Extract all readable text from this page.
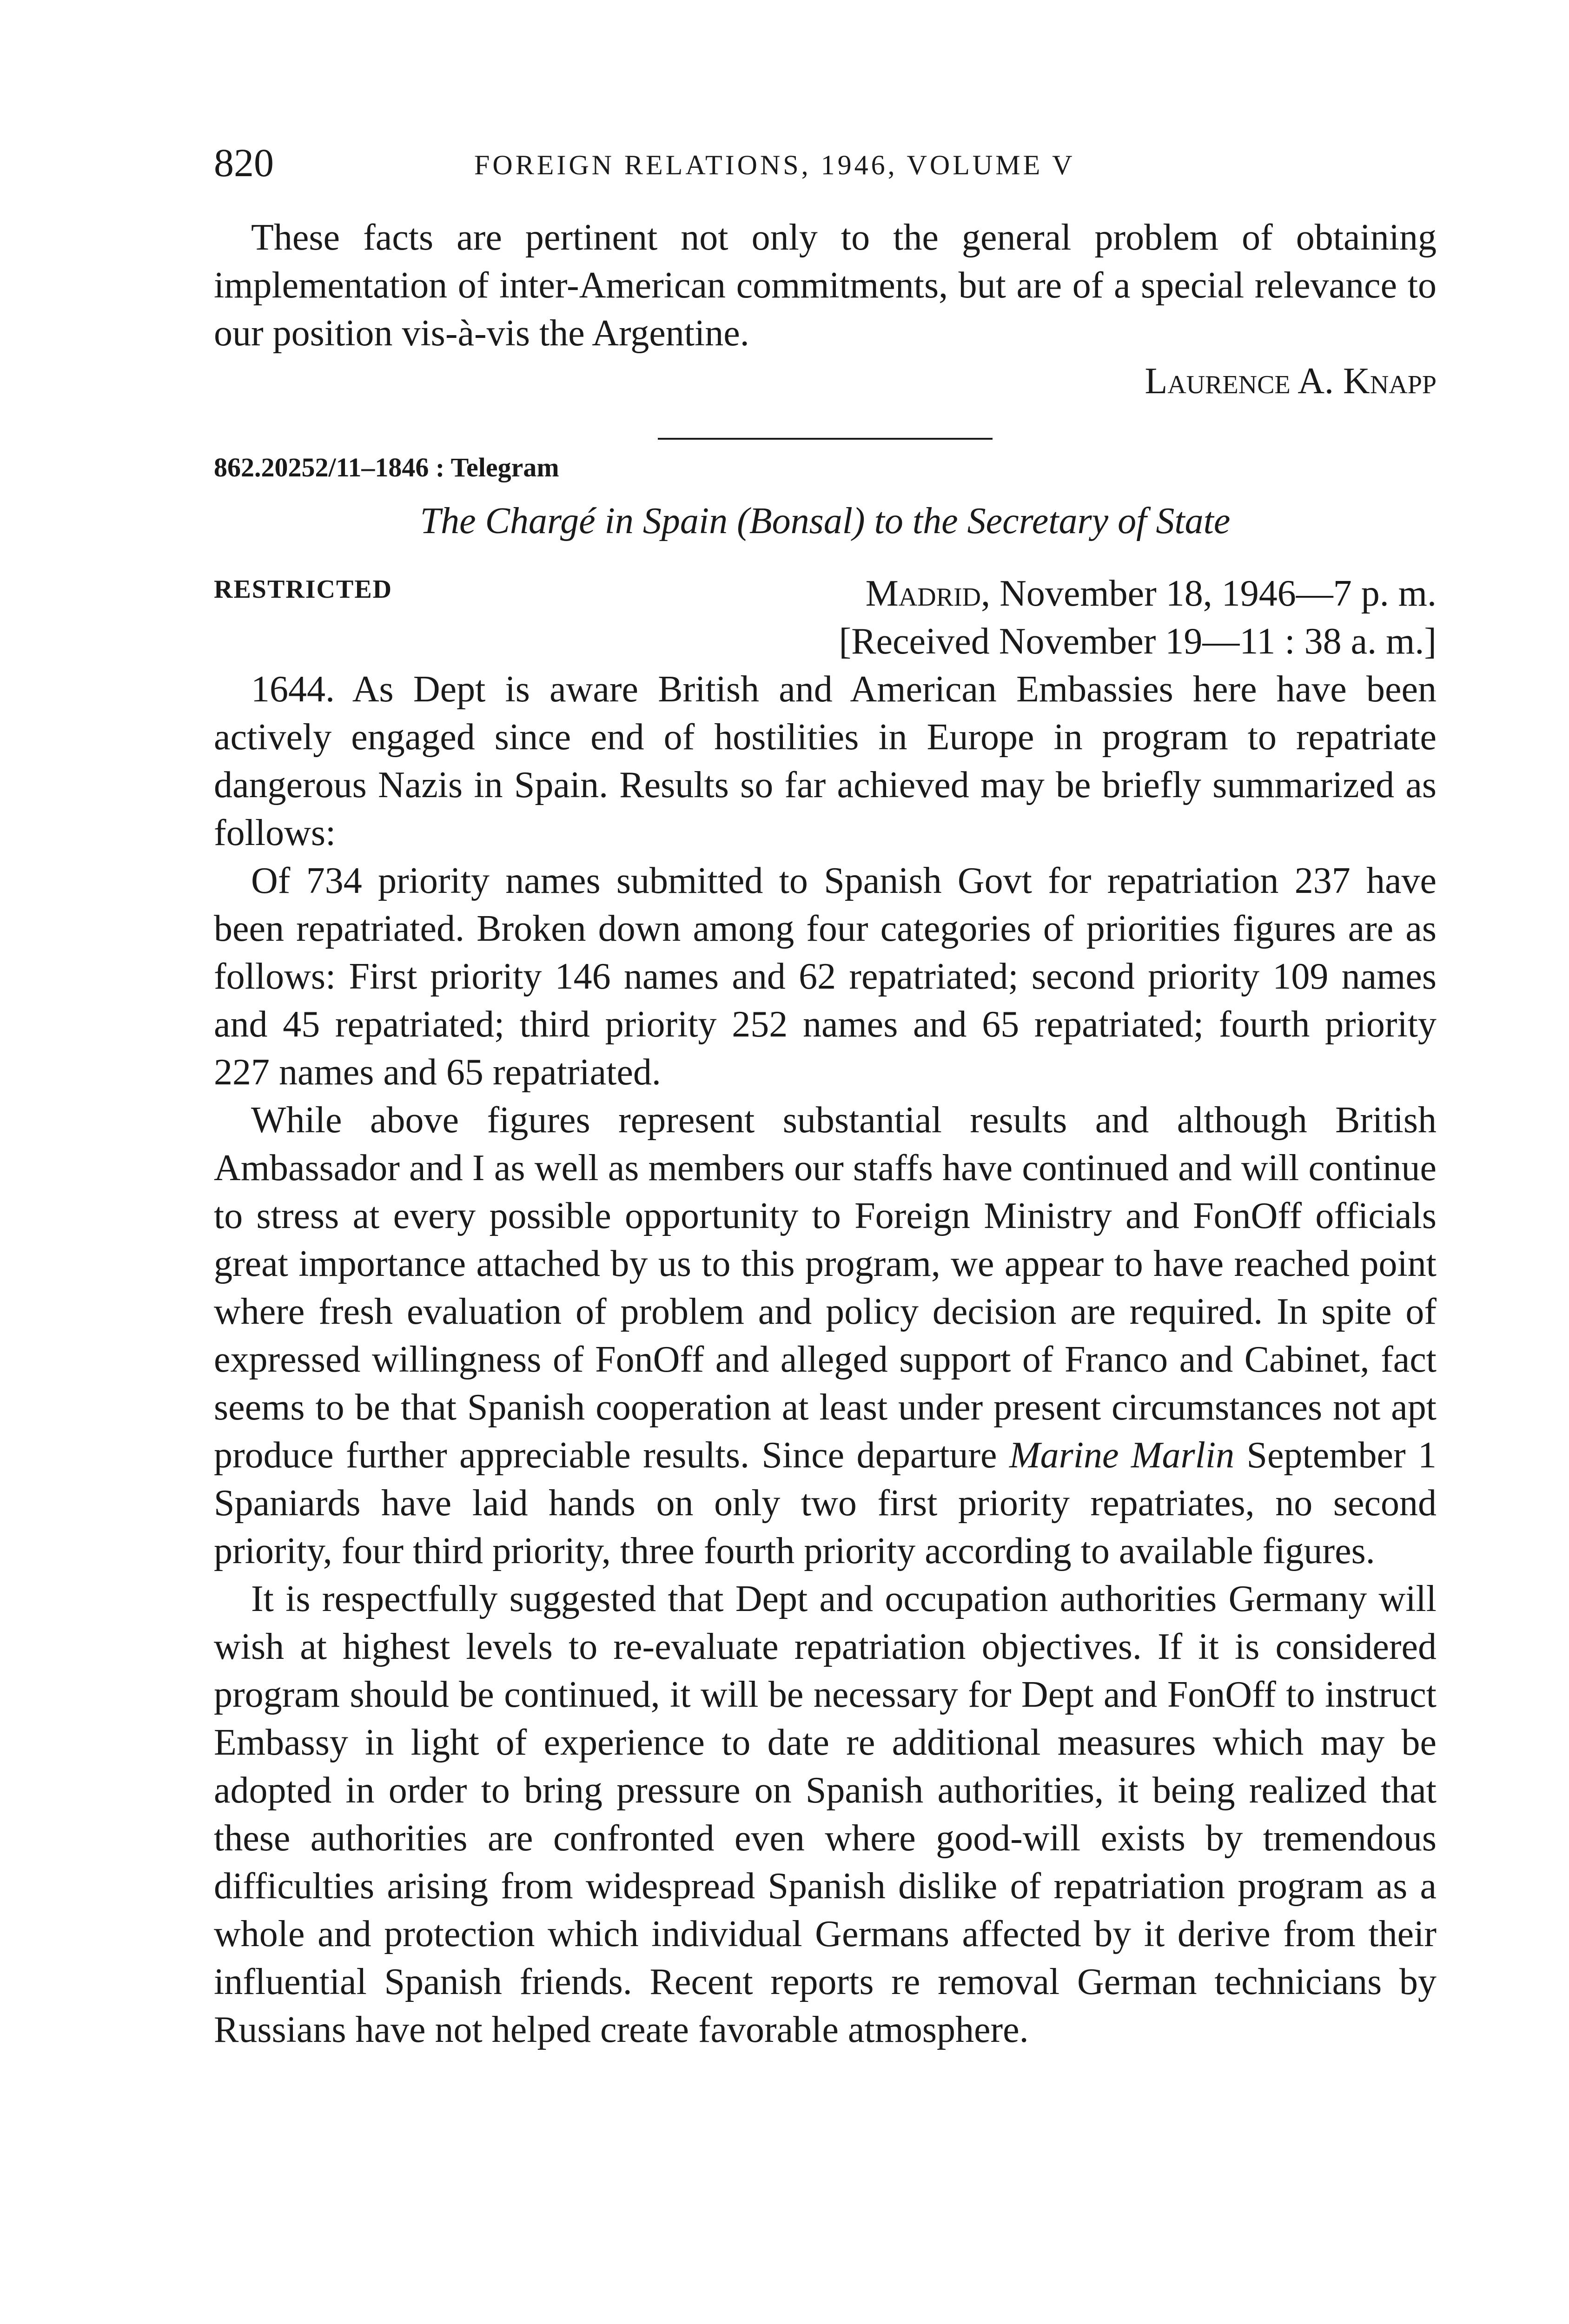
820	FOREIGN RELATIONS, 1946, VOLUME V

These facts are pertinent not only to the general problem of obtaining implementation of inter-American commitments, but are of a special relevance to our position vis-à-vis the Argentine.

Laurence A. Knapp
862.20252/11–1846 : Telegram
The Chargé in Spain (Bonsal) to the Secretary of State
RESTRICTED	Madrid, November 18, 1946—7 p. m.
[Received November 19—11 : 38 a. m.]

1644. As Dept is aware British and American Embassies here have been actively engaged since end of hostilities in Europe in program to repatriate dangerous Nazis in Spain. Results so far achieved may be briefly summarized as follows:

Of 734 priority names submitted to Spanish Govt for repatriation 237 have been repatriated. Broken down among four categories of priorities figures are as follows: First priority 146 names and 62 repatriated; second priority 109 names and 45 repatriated; third priority 252 names and 65 repatriated; fourth priority 227 names and 65 repatriated.

While above figures represent substantial results and although British Ambassador and I as well as members our staffs have continued and will continue to stress at every possible opportunity to Foreign Ministry and FonOff officials great importance attached by us to this program, we appear to have reached point where fresh evaluation of problem and policy decision are required. In spite of expressed willingness of FonOff and alleged support of Franco and Cabinet, fact seems to be that Spanish cooperation at least under present circumstances not apt produce further appreciable results. Since departure Marine Marlin September 1 Spaniards have laid hands on only two first priority repatriates, no second priority, four third priority, three fourth priority according to available figures.

It is respectfully suggested that Dept and occupation authorities Germany will wish at highest levels to re-evaluate repatriation objectives. If it is considered program should be continued, it will be necessary for Dept and FonOff to instruct Embassy in light of experience to date re additional measures which may be adopted in order to bring pressure on Spanish authorities, it being realized that these authorities are confronted even where good-will exists by tremendous difficulties arising from widespread Spanish dislike of repatriation program as a whole and protection which individual Germans affected by it derive from their influential Spanish friends. Recent reports re removal German technicians by Russians have not helped create favorable atmosphere.
